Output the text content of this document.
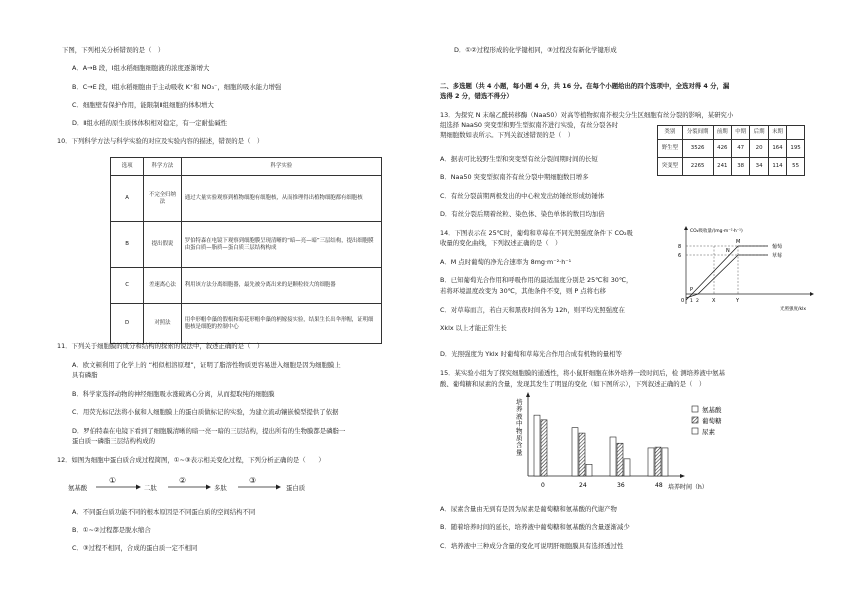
下图，下列相关分析错误的是（　）
A．A→B 段，Ⅰ组水稻细胞细胞液的浓度逐渐增大
B．C→E 段，Ⅰ组水稻细胞由于主动吸收 K⁺和 NO₃⁻，细胞的吸水能力增强
C．细胞壁有保护作用，能限制Ⅱ组细胞的体积增大
D．Ⅱ组水稻的原生质体体积相对稳定，有一定耐盐碱性
10．下列科学方法与科学实验的对应及实验内容的描述，错误的是（　）
选项	科学方法	科学实验
A	不完全归纳法	通过大量实验观察到植物细胞有细胞核，从而推理得出植物细胞都有细胞核
B	提出假说	罗伯特森在电镜下观察到细胞膜呈现清晰的“暗—亮—暗”三层结构，提出细胞膜由蛋白质—脂质—蛋白质三层结构构成
C	差速离心法	利用该方法分离细胞器，最先被分离出来的是颗粒较大的细胞器
D	对照法	用伞形帽伞藻的假根和菊花形帽伞藻的柄嫁接实验，结果生长出伞形帽，证明细胞核是细胞的控制中心
11．下列关于细胞膜的成分和结构的探索的说法中，叙述正确的是（　）
A．欧文顿利用了化学上的 “相似相溶原理”，证明了脂溶性物质更容易进入细胞是因为细胞膜上
具有磷脂
B．科学家选择动物的神经细胞吸水涨破离心分离，从而提取纯的细胞膜
C．用荧光标记法将小鼠和人细胞膜上的蛋白质做标记的实验，为建立流动镶嵌模型提供了依据
D．罗伯特森在电镜下看到了细胞膜清晰的暗一亮一暗的三层结构，提出所有的生物膜都是磷脂一
蛋白质一磷脂三层结构构成的
12．如图为细胞中蛋白质合成过程简图，①~③表示相关变化过程，下列分析正确的是（　　）
氨基酸
①
二肽
②
多肽
③
蛋白质
A．不同蛋白质功能不同的根本原因是不同蛋白质的空间结构不同
B．①~②过程都是脱水缩合
C．③过程不相同，合成的蛋白质一定不相同
D．①②过程形成的化学键相同，③过程没有新化学键形成
二、多选题（共 4 小题，每小题 4 分，共 16 分。在每个小题给出的四个选项中，全选对得 4 分，漏
选得 2 分，错选不得分）
13．为探究 N 末端乙酰转移酶（NaaS0）对高等植物拟南芥根尖分生区细胞有丝分裂的影响，某研究小
组选择 NaaS0 突变型和野生型拟南芥进行实验，有丝分裂各时
期细胞数如表所示。下列关叙述错误的是（　）	类别	分裂间期	前期	中期	后期	末期	
野生型	3526	426	47	20	164	195
突变型	2265	241	38	34	114	55
A．据表可比较野生型和突变型有丝分裂间期时间的长短
B．Naa50 突变型拟南芥有丝分裂中期细胞数目增多
C．有丝分裂前期两极发出的中心粒发出纺锤丝形成纺锤体
D．有丝分裂后期着丝粒、染色体、染色单体的数目均加倍
14．下图表示在 25℃时，葡萄和草莓在不同光照强度条件下 CO₂吸
收量的变化曲线，下列叙述正确的是（　）
A．M 点时葡萄的净光合速率为 8mg·m⁻²·h⁻¹
B．已知葡萄光合作用和呼吸作用的最适温度分别是 25℃和 30℃，
若将环境温度改变为 30℃，其他条件不变，则 P 点将右移
C．对草莓而言，若白天和黑夜时间各为 12h，则平均光照强度在
Xklx 以上才能正常生长
CO₂吸收量/(mg·m⁻²·h⁻¹)
8
6
0 1 2	X	Y
葡萄
草莓
M
N
P
光照强度/klx
D．光照强度为 Yklx 时葡萄和草莓光合作用合成有机物的量相等
15．某实验小组为了探究细胞膜的通透性，将小鼠肝细胞在体外培养一段时间后，检 测培养液中氨基
酸、葡萄糖和尿素的含量，发现其发生了明显的变化（如下图所示），下列叙述正确的是（　）
培养液中物质含量
培养时间（h）
0	24	36	48
氨基酸
葡萄糖
尿素
A．尿素含量由无到有是因为尿素是葡萄糖和氨基酸的代谢产物
B．随着培养时间的延长，培养液中葡萄糖和氨基酸的含量逐渐减少
C．培养液中三种成分含量的变化可说明肝细胞膜具有选择透过性
